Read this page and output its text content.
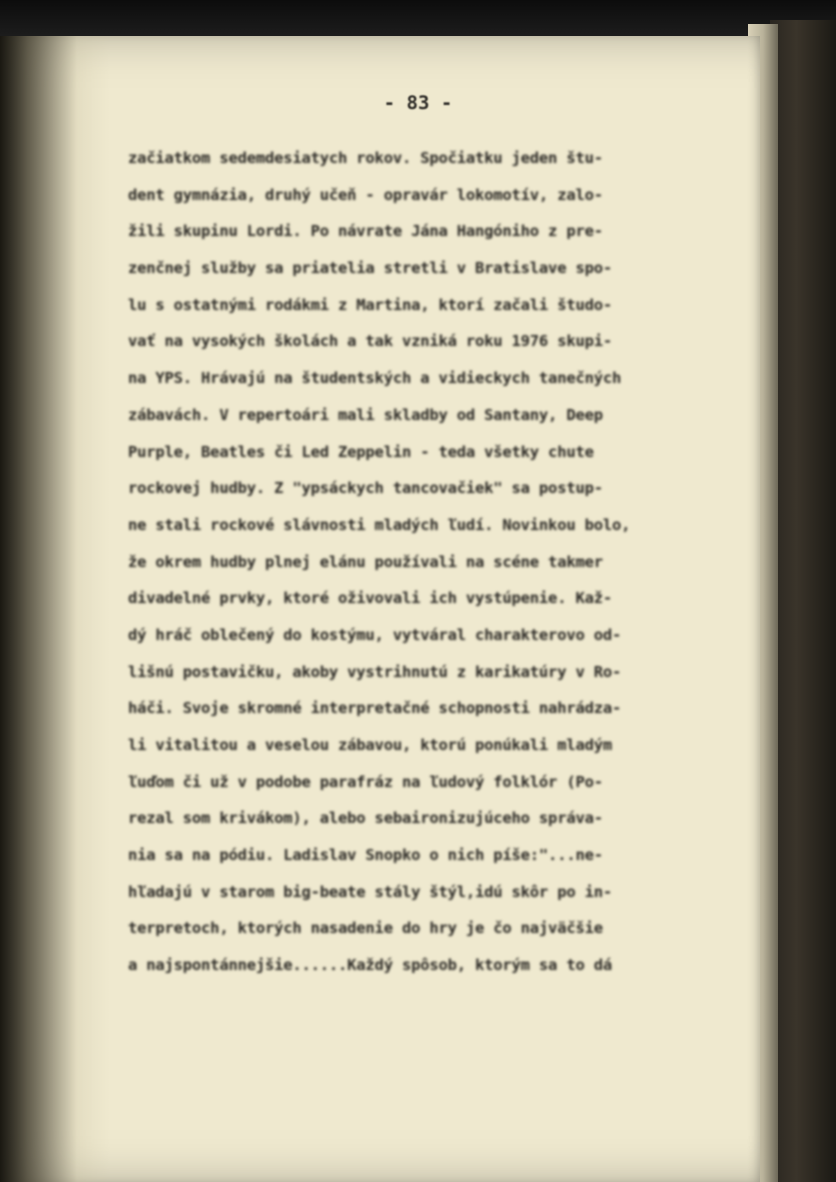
- 83 -
začiatkom sedemdesiatych rokov. Spočiatku jeden štu-
dent gymnázia, druhý učeň - opravár lokomotív, zalo-
žili skupinu Lordi. Po návrate Jána Hangóniho z pre-
zenčnej služby sa priatelia stretli v Bratislave spo-
lu s ostatnými rodákmi z Martina, ktorí začali študo-
vať na vysokých školách a tak vzniká roku 1976 skupi-
na YPS. Hrávajú na študentských a vidieckych tanečných
zábavách. V repertoári mali skladby od Santany, Deep
Purple, Beatles či Led Zeppelin - teda všetky chute
rockovej hudby. Z "ypsáckych tancovačiek" sa postup-
ne stali rockové slávnosti mladých ľudí. Novinkou bolo,
že okrem hudby plnej elánu používali na scéne takmer
divadelné prvky, ktoré oživovali ich vystúpenie. Kaž-
dý hráč oblečený do kostýmu, vytváral charakterovo od-
lišnú postavičku, akoby vystrihnutú z karikatúry v Ro-
háči. Svoje skromné interpretačné schopnosti nahrádza-
li vitalitou a veselou zábavou, ktorú ponúkali mladým
ľuďom či už v podobe parafráz na ľudový folklór (Po-
rezal som krivákom), alebo sebaironizujúceho správa-
nia sa na pódiu. Ladislav Snopko o nich píše:"...ne-
hľadajú v starom big-beate stály štýl,idú skôr po in-
terpretoch, ktorých nasadenie do hry je čo najväčšie
a najspontánnejšie......Každý spôsob, ktorým sa to dá
